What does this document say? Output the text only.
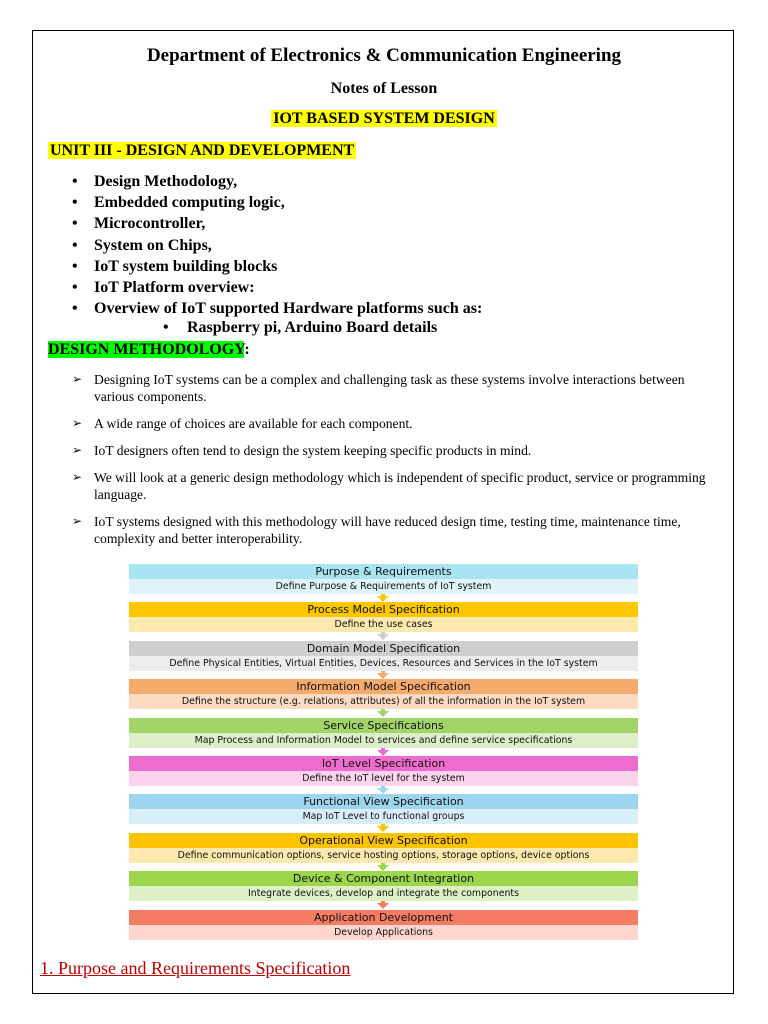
Department of Electronics & Communication Engineering
Notes of Lesson
IOT BASED SYSTEM DESIGN
UNIT III - DESIGN AND DEVELOPMENT
• Design Methodology,
• Embedded computing logic,
• Microcontroller,
• System on Chips,
• IoT system building blocks
• IoT Platform overview:
• Overview of IoT supported Hardware platforms such as:
• Raspberry pi, Arduino Board details
DESIGN METHODOLOGY:
➢ Designing IoT systems can be a complex and challenging task as these systems involve interactions between various components.
➢ A wide range of choices are available for each component.
➢ IoT designers often tend to design the system keeping specific products in mind.
➢ We will look at a generic design methodology which is independent of specific product, service or programming language.
➢ IoT systems designed with this methodology will have reduced design time, testing time, maintenance time, complexity and better interoperability.
Purpose & Requirements
Define Purpose & Requirements of IoT system
Process Model Specification
Define the use cases
Domain Model Specification
Define Physical Entities, Virtual Entities, Devices, Resources and Services in the IoT system
Information Model Specification
Define the structure (e.g. relations, attributes) of all the information in the IoT system
Service Specifications
Map Process and Information Model to services and define service specifications
IoT Level Specification
Define the IoT level for the system
Functional View Specification
Map IoT Level to functional groups
Operational View Specification
Define communication options, service hosting options, storage options, device options
Device & Component Integration
Integrate devices, develop and integrate the components
Application Development
Develop Applications
1. Purpose and Requirements Specification
